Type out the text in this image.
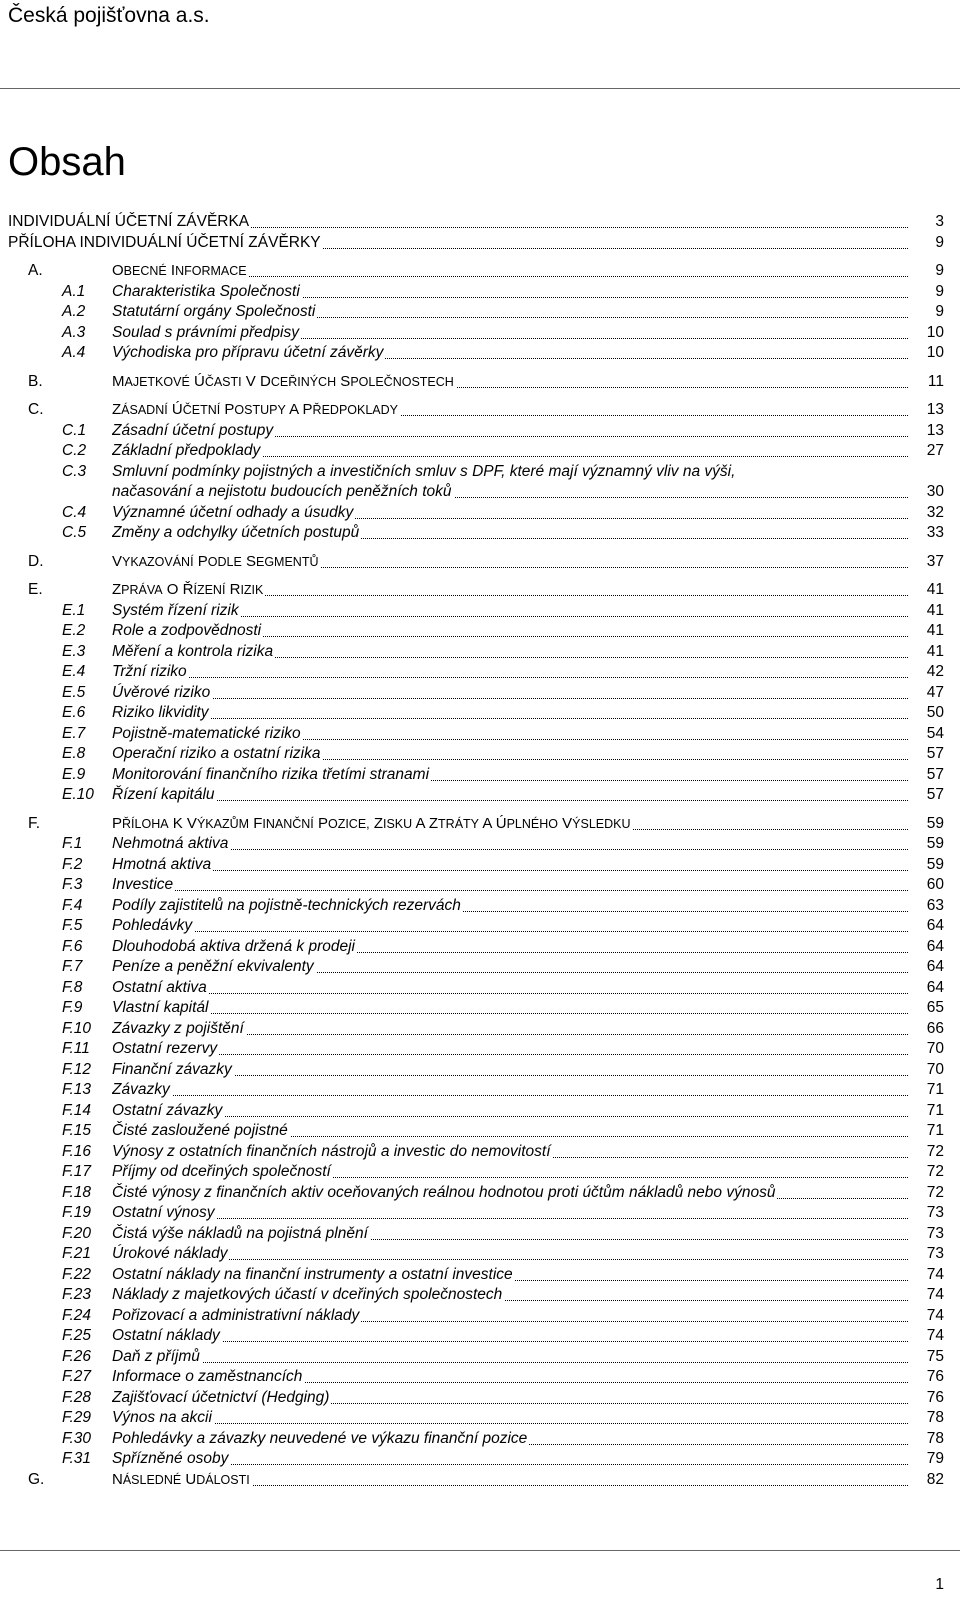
Česká pojišťovna a.s.
Obsah
INDIVIDUÁLNÍ ÚČETNÍ ZÁVĚRKA	3
PŘÍLOHA INDIVIDUÁLNÍ ÚČETNÍ ZÁVĚRKY	9
A.	OBECNÉ INFORMACE	9
A.1 Charakteristika Společnosti	9
A.2 Statutární orgány Společnosti	9
A.3 Soulad s právními předpisy	10
A.4 Východiska pro přípravu účetní závěrky	10
B.	MAJETKOVÉ ÚČASTI V DCEŘINÝCH SPOLEČNOSTECH	11
C.	ZÁSADNÍ ÚČETNÍ POSTUPY A PŘEDPOKLADY	13
C.1 Zásadní účetní postupy	13
C.2 Základní předpoklady	27
C.3 Smluvní podmínky pojistných a investičních smluv s DPF, které mají významný vliv na výši,
načasování a nejistotu budoucích peněžních toků	30
C.4 Významné účetní odhady a úsudky	32
C.5 Změny a odchylky účetních postupů	33
D.	VYKAZOVÁNÍ PODLE SEGMENTŮ	37
E.	ZPRÁVA O ŘÍZENÍ RIZIK	41
E.1 Systém řízení rizik	41
E.2 Role a zodpovědnosti	41
E.3 Měření a kontrola rizika	41
E.4 Tržní riziko	42
E.5 Úvěrové riziko	47
E.6 Riziko likvidity	50
E.7 Pojistně-matematické riziko	54
E.8 Operační riziko a ostatní rizika	57
E.9 Monitorování finančního rizika třetími stranami	57
E.10 Řízení kapitálu	57
F.	PŘÍLOHA K VÝKAZŮM FINANČNÍ POZICE, ZISKU A ZTRÁTY A ÚPLNÉHO VÝSLEDKU	59
F.1 Nehmotná aktiva	59
F.2 Hmotná aktiva	59
F.3 Investice	60
F.4 Podíly zajistitelů na pojistně-technických rezervách	63
F.5 Pohledávky	64
F.6 Dlouhodobá aktiva držená k prodeji	64
F.7 Peníze a peněžní ekvivalenty	64
F.8 Ostatní aktiva	64
F.9 Vlastní kapitál	65
F.10 Závazky z pojištění	66
F.11 Ostatní rezervy	70
F.12 Finanční závazky	70
F.13 Závazky	71
F.14 Ostatní závazky	71
F.15 Čisté zasloužené pojistné	71
F.16 Výnosy z ostatních finančních nástrojů a investic do nemovitostí	72
F.17 Příjmy od dceřiných společností	72
F.18 Čisté výnosy z finančních aktiv oceňovaných reálnou hodnotou proti účtům nákladů nebo výnosů	72
F.19 Ostatní výnosy	73
F.20 Čistá výše nákladů na pojistná plnění	73
F.21 Úrokové náklady	73
F.22 Ostatní náklady na finanční instrumenty a ostatní investice	74
F.23 Náklady z majetkových účastí v dceřiných společnostech	74
F.24 Pořizovací a administrativní náklady	74
F.25 Ostatní náklady	74
F.26 Daň z příjmů	75
F.27 Informace o zaměstnancích	76
F.28 Zajišťovací účetnictví (Hedging)	76
F.29 Výnos na akcii	78
F.30 Pohledávky a závazky neuvedené ve výkazu finanční pozice	78
F.31 Spřízněné osoby	79
G.	NÁSLEDNÉ UDÁLOSTI	82
1
